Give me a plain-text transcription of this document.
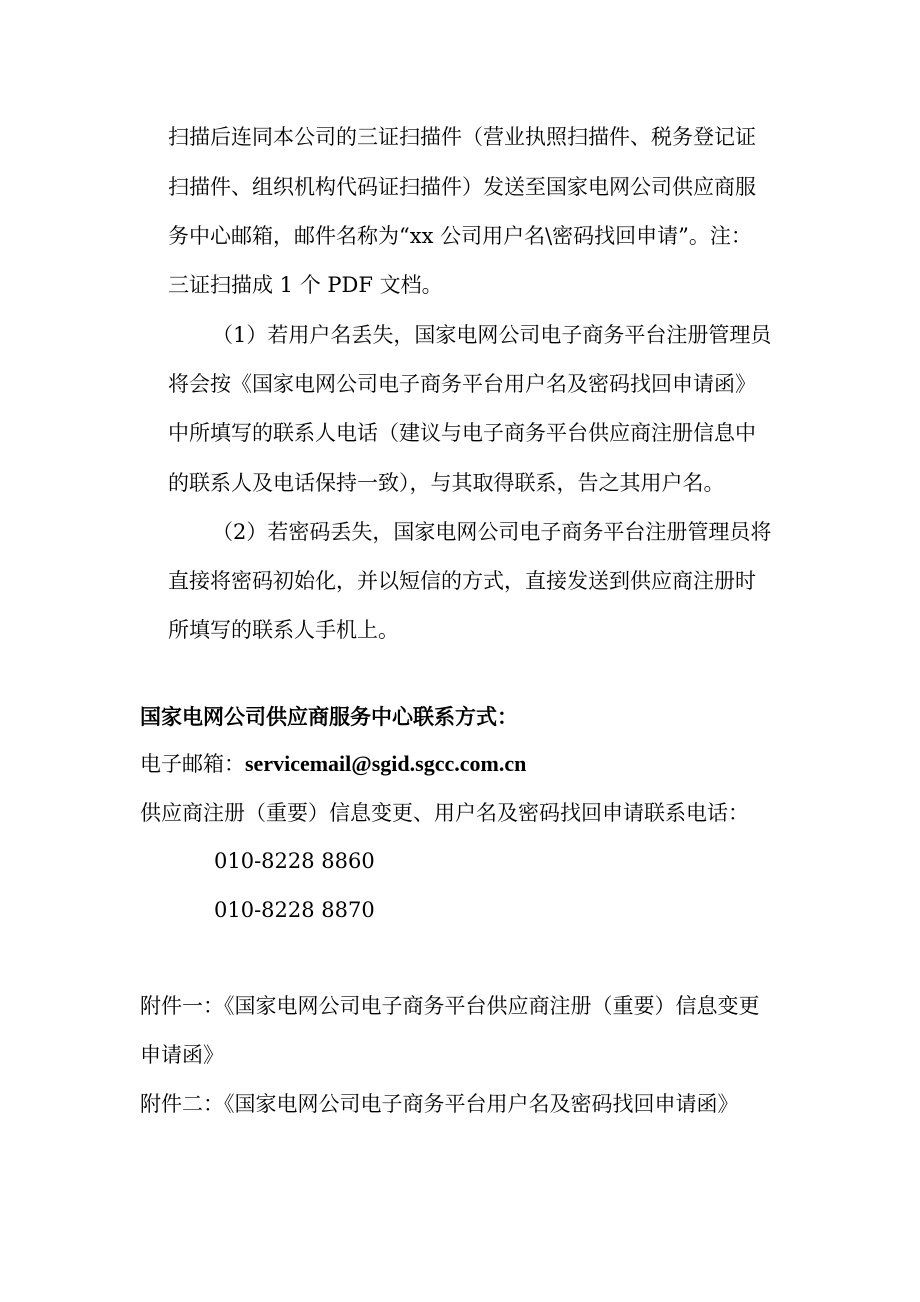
扫描后连同本公司的三证扫描件（营业执照扫描件、税务登记证
扫描件、组织机构代码证扫描件）发送至国家电网公司供应商服
务中心邮箱，邮件名称为“xx 公司用户名\密码找回申请”。注：
三证扫描成 1 个 PDF 文档。
（1）若用户名丢失，国家电网公司电子商务平台注册管理员
将会按《国家电网公司电子商务平台用户名及密码找回申请函》
中所填写的联系人电话（建议与电子商务平台供应商注册信息中
的联系人及电话保持一致），与其取得联系，告之其用户名。
（2）若密码丢失，国家电网公司电子商务平台注册管理员将
直接将密码初始化，并以短信的方式，直接发送到供应商注册时
所填写的联系人手机上。
国家电网公司供应商服务中心联系方式：
电子邮箱：servicemail@sgid.sgcc.com.cn
供应商注册（重要）信息变更、用户名及密码找回申请联系电话：
010-8228 8860
010-8228 8870
附件一：《国家电网公司电子商务平台供应商注册（重要）信息变更
申请函》
附件二：《国家电网公司电子商务平台用户名及密码找回申请函》
